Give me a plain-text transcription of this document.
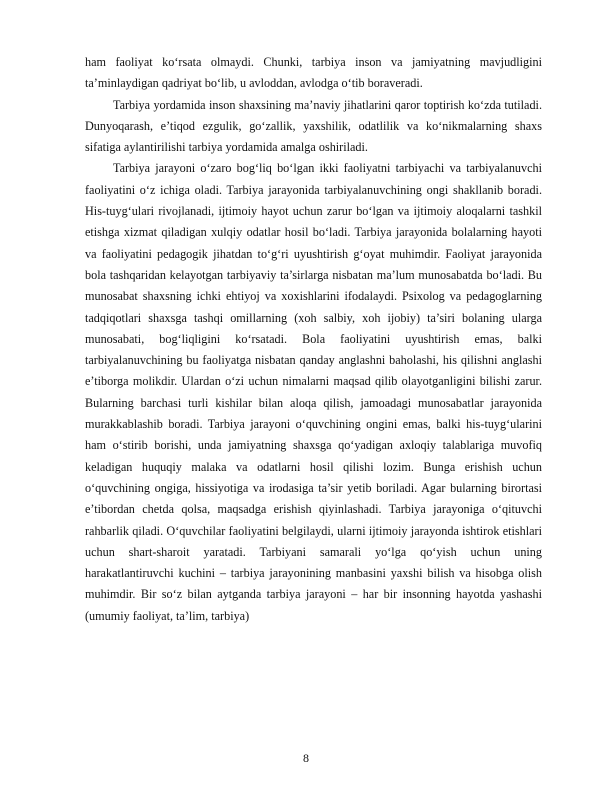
ham faoliyat ko‘rsata olmaydi. Chunki, tarbiya inson va jamiyatning mavjudligini ta’minlaydigan qadriyat bo‘lib, u avloddan, avlodga o‘tib boraveradi.

Tarbiya yordamida inson shaxsining ma’naviy jihatlarini qaror toptirish ko‘zda tutiladi. Dunyoqarash, e’tiqod ezgulik, go‘zallik, yaxshilik, odatlilik va ko‘nikmalarning shaxs sifatiga aylantirilishi tarbiya yordamida amalga oshiriladi.

Tarbiya jarayoni o‘zaro bog‘liq bo‘lgan ikki faoliyatni tarbiyachi va tarbiyalanuvchi faoliyatini o‘z ichiga oladi. Tarbiya jarayonida tarbiyalanuvchining ongi shakllanib boradi. His-tuyg‘ulari rivojlanadi, ijtimoiy hayot uchun zarur bo‘lgan va ijtimoiy aloqalarni tashkil etishga xizmat qiladigan xulqiy odatlar hosil bo‘ladi. Tarbiya jarayonida bolalarning hayoti va faoliyatini pedagogik jihatdan to‘g‘ri uyushtirish g‘oyat muhimdir. Faoliyat jarayonida bola tashqaridan kelayotgan tarbiyaviy ta’sirlarga nisbatan ma’lum munosabatda bo‘ladi. Bu munosabat shaxsning ichki ehtiyoj va xoxishlarini ifodalaydi. Psixolog va pedagoglarning tadqiqotlari shaxsga tashqi omillarning (xoh salbiy, xoh ijobiy) ta’siri bolaning ularga munosabati, bog‘liqligini ko‘rsatadi. Bola faoliyatini uyushtirish emas, balki tarbiyalanuvchining bu faoliyatga nisbatan qanday anglashni baholashi, his qilishni anglashi e’tiborga molikdir. Ulardan o‘zi uchun nimalarni maqsad qilib olayotganligini bilishi zarur. Bularning barchasi turli kishilar bilan aloqa qilish, jamoadagi munosabatlar jarayonida murakkablashib boradi. Tarbiya jarayoni o‘quvchining ongini emas, balki his-tuyg‘ularini ham o‘stirib borishi, unda jamiyatning shaxsga qo‘yadigan axloqiy talablariga muvofiq keladigan huquqiy malaka va odatlarni hosil qilishi lozim. Bunga erishish uchun o‘quvchining ongiga, hissiyotiga va irodasiga ta’sir yetib boriladi. Agar bularning birortasi e’tibordan chetda qolsa, maqsadga erishish qiyinlashadi. Tarbiya jarayoniga o‘qituvchi rahbarlik qiladi. O‘quvchilar faoliyatini belgilaydi, ularni ijtimoiy jarayonda ishtirok etishlari uchun shart-sharoit yaratadi. Tarbiyani samarali yo‘lga qo‘yish uchun uning harakatlantiruvchi kuchini – tarbiya jarayonining manbasini yaxshi bilish va hisobga olish muhimdir. Bir so‘z bilan aytganda tarbiya jarayoni – har bir insonning hayotda yashashi (umumiy faoliyat, ta’lim, tarbiya)

8
